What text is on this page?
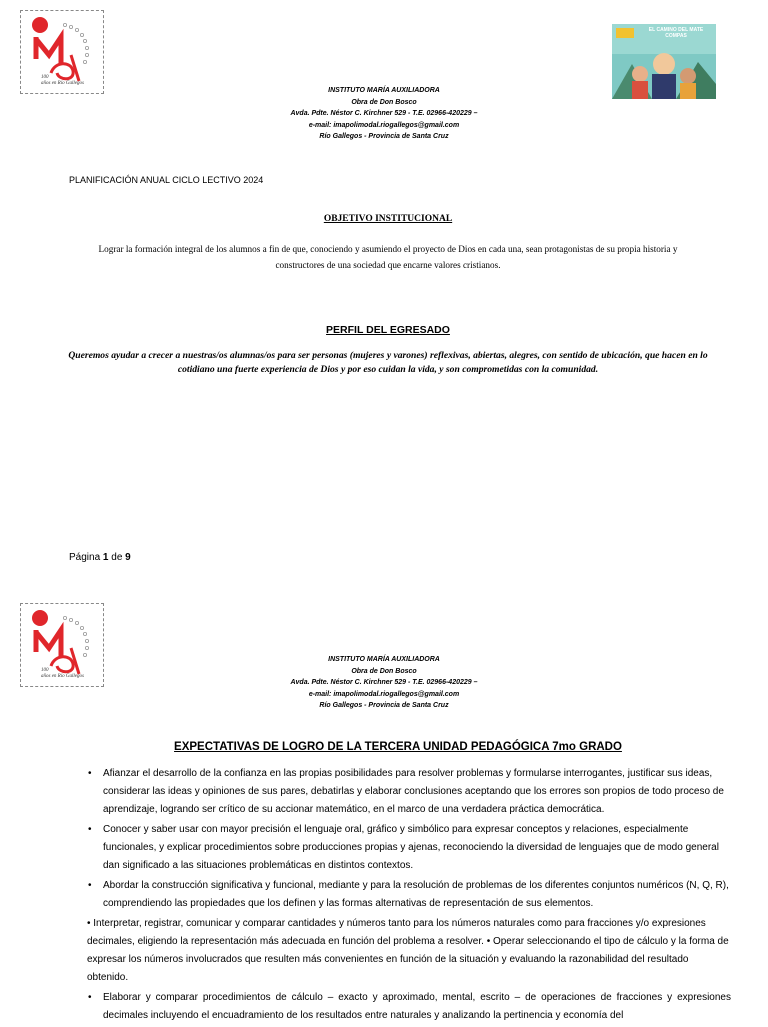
100
años en Río Gallegos
EL CAMINO DEL MATE COMPAS
INSTITUTO MARÍA AUXILIADORA
Obra de Don Bosco
Avda. Pdte. Néstor C. Kirchner 529 - T.E. 02966-420229 –
e-mail: imapolimodal.riogallegos@gmail.com
Río Gallegos - Provincia de Santa Cruz
PLANIFICACIÓN ANUAL CICLO LECTIVO 2024
OBJETIVO INSTITUCIONAL
Lograr la formación integral de los alumnos a fin de que, conociendo y asumiendo el proyecto de Dios en cada una, sean protagonistas de su propia historia y constructores de una sociedad que encarne valores cristianos.
PERFIL DEL EGRESADO
Queremos ayudar a crecer a nuestras/os alumnas/os para ser personas (mujeres y varones) reflexivas, abiertas, alegres, con sentido de ubicación, que hacen en lo cotidiano una fuerte experiencia de Dios y por eso cuidan la vida, y son comprometidas con la comunidad.
Página 1 de 9
100
años en Río Gallegos
INSTITUTO MARÍA AUXILIADORA
Obra de Don Bosco
Avda. Pdte. Néstor C. Kirchner 529 - T.E. 02966-420229 –
e-mail: imapolimodal.riogallegos@gmail.com
Río Gallegos - Provincia de Santa Cruz
EXPECTATIVAS DE LOGRO DE LA TERCERA UNIDAD PEDAGÓGICA 7mo GRADO
• Afianzar el desarrollo de la confianza en las propias posibilidades para resolver problemas y formularse interrogantes, justificar sus ideas, considerar las ideas y opiniones de sus pares, debatirlas y elaborar conclusiones aceptando que los errores son propios de todo proceso de aprendizaje, logrando ser crítico de su accionar matemático, en el marco de una verdadera práctica democrática.
• Conocer y saber usar con mayor precisión el lenguaje oral, gráfico y simbólico para expresar conceptos y relaciones, especialmente funcionales, y explicar procedimientos sobre producciones propias y ajenas, reconociendo la diversidad de lenguajes que de modo general dan significado a las situaciones problemáticas en distintos contextos.
• Abordar la construcción significativa y funcional, mediante y para la resolución de problemas de los diferentes conjuntos numéricos (N, Q, R), comprendiendo las propiedades que los definen y las formas alternativas de representación de sus elementos.
• Interpretar, registrar, comunicar y comparar cantidades y números tanto para los números naturales como para fracciones y/o expresiones decimales, eligiendo la representación más adecuada en función del problema a resolver. • Operar seleccionando el tipo de cálculo y la forma de expresar los números involucrados que resulten más convenientes en función de la situación y evaluando la razonabilidad del resultado obtenido.
• Elaborar y comparar procedimientos de cálculo – exacto y aproximado, mental, escrito – de operaciones de fracciones y expresiones decimales incluyendo el encuadramiento de los resultados entre naturales y analizando la pertinencia y economía del
